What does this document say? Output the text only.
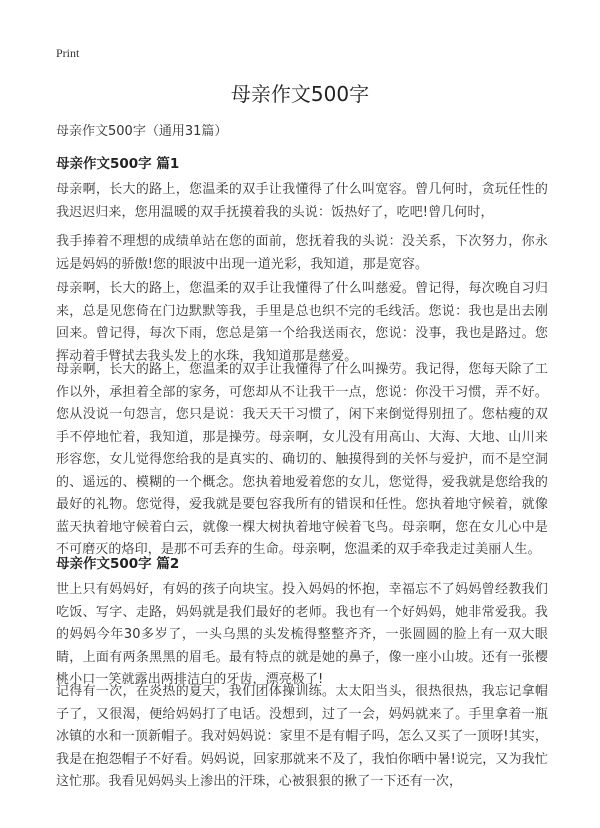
Print
母亲作文500字
母亲作文500字（通用31篇）
母亲作文500字 篇1

母亲啊，长大的路上，您温柔的双手让我懂得了什么叫宽容。曾几何时，贪玩任性的我迟迟归来，您用温暖的双手抚摸着我的头说：饭热好了，吃吧!曾几何时，

我手捧着不理想的成绩单站在您的面前，您抚着我的头说：没关系，下次努力，你永远是妈妈的骄傲!您的眼波中出现一道光彩，我知道，那是宽容。

母亲啊，长大的路上，您温柔的双手让我懂得了什么叫慈爱。曾记得，每次晚自习归来，总是见您倚在门边默默等我，手里是总也织不完的毛线活。您说：我也是出去刚回来。曾记得，每次下雨，您总是第一个给我送雨衣，您说：没事，我也是路过。您挥动着手臂拭去我头发上的水珠，我知道那是慈爱。

母亲啊，长大的路上，您温柔的双手让我懂得了什么叫操劳。我记得，您每天除了工作以外，承担着全部的家务，可您却从不让我干一点，您说：你没干习惯，弄不好。您从没说一句怨言，您只是说：我天天干习惯了，闲下来倒觉得别扭了。您枯瘦的双手不停地忙着，我知道，那是操劳。母亲啊，女儿没有用高山、大海、大地、山川来形容您，女儿觉得您给我的是真实的、确切的、触摸得到的关怀与爱护，而不是空洞的、遥远的、模糊的一个概念。您执着地爱着您的女儿，您觉得，爱我就是您给我的最好的礼物。您觉得，爱我就是要包容我所有的错误和任性。您执着地守候着，就像蓝天执着地守候着白云，就像一棵大树执着地守候着飞鸟。母亲啊，您在女儿心中是不可磨灭的烙印，是那不可丢弃的生命。母亲啊，您温柔的双手牵我走过美丽人生。

母亲作文500字 篇2

世上只有妈妈好，有妈的孩子向块宝。投入妈妈的怀抱，幸福忘不了妈妈曾经教我们吃饭、写字、走路，妈妈就是我们最好的老师。我也有一个好妈妈，她非常爱我。我的妈妈今年30多岁了，一头乌黑的头发梳得整整齐齐，一张圆圆的脸上有一双大眼睛，上面有两条黑黑的眉毛。最有特点的就是她的鼻子，像一座小山坡。还有一张樱桃小口一笑就露出两排洁白的牙齿，漂亮极了!

记得有一次，在炎热的夏天，我们团体操训练。太太阳当头，很热很热，我忘记拿帽子了，又很渴，便给妈妈打了电话。没想到，过了一会，妈妈就来了。手里拿着一瓶冰镇的水和一顶新帽子。我对妈妈说：家里不是有帽子吗，怎么又买了一顶呀!其实，我是在抱怨帽子不好看。妈妈说，回家那就来不及了，我怕你晒中暑!说完，又为我忙这忙那。我看见妈妈头上渗出的汗珠，心被狠狠的揪了一下还有一次，
